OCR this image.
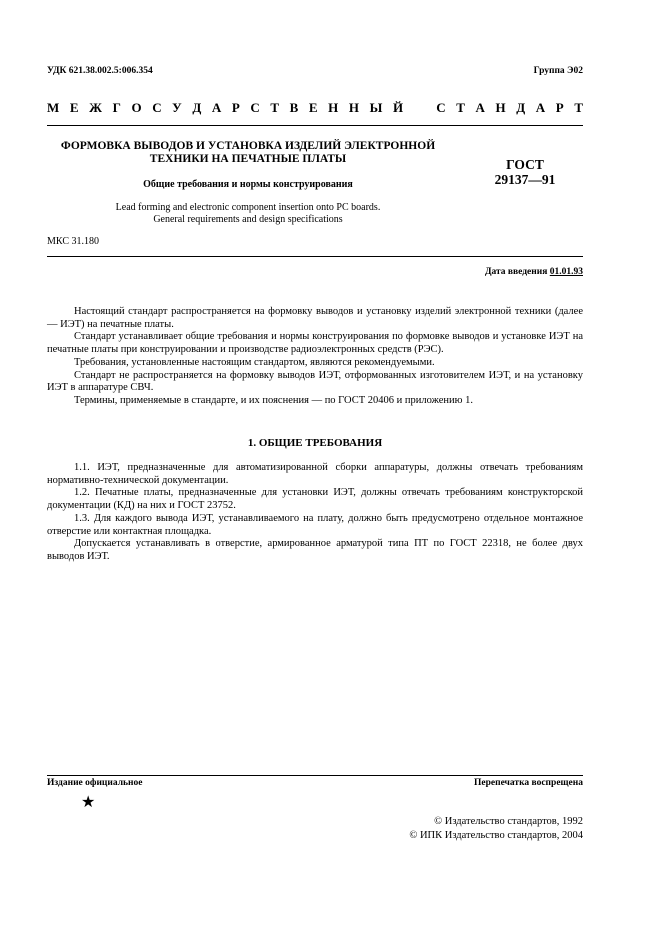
УДК 621.38.002.5:006.354	Группа Э02
М Е Ж Г О С У Д А Р С Т В Е Н Н Ы Й	С Т А Н Д А Р Т
ФОРМОВКА ВЫВОДОВ И УСТАНОВКА ИЗДЕЛИЙ ЭЛЕКТРОННОЙ
ТЕХНИКИ НА ПЕЧАТНЫЕ ПЛАТЫ
Общие требования и нормы конструирования
Lead forming and electronic component insertion onto PC boards.
General requirements and design specifications
ГОСТ
29137—91
МКС 31.180
Дата введения 01.01.93

Настоящий стандарт распространяется на формовку выводов и установку изделий электронной техники (далее — ИЭТ) на печатные платы.

Стандарт устанавливает общие требования и нормы конструирования по формовке выводов и установке ИЭТ на печатные платы при конструировании и производстве радиоэлектронных средств (РЭС).

Требования, установленные настоящим стандартом, являются рекомендуемыми.

Стандарт не распространяется на формовку выводов ИЭТ, отформованных изготовителем ИЭТ, и на установку ИЭТ в аппаратуре СВЧ.

Термины, применяемые в стандарте, и их пояснения — по ГОСТ 20406 и приложению 1.

1. ОБЩИЕ ТРЕБОВАНИЯ

1.1. ИЭТ, предназначенные для автоматизированной сборки аппаратуры, должны отвечать требованиям нормативно-технической документации.

1.2. Печатные платы, предназначенные для установки ИЭТ, должны отвечать требованиям конструкторской документации (КД) на них и ГОСТ 23752.

1.3. Для каждого вывода ИЭТ, устанавливаемого на плату, должно быть предусмотрено отдельное монтажное отверстие или контактная площадка.

Допускается устанавливать в отверстие, армированное арматурой типа ПТ по ГОСТ 22318, не более двух выводов ИЭТ.

Издание официальное	Перепечатка воспрещена
★
© Издательство стандартов, 1992
© ИПК Издательство стандартов, 2004
